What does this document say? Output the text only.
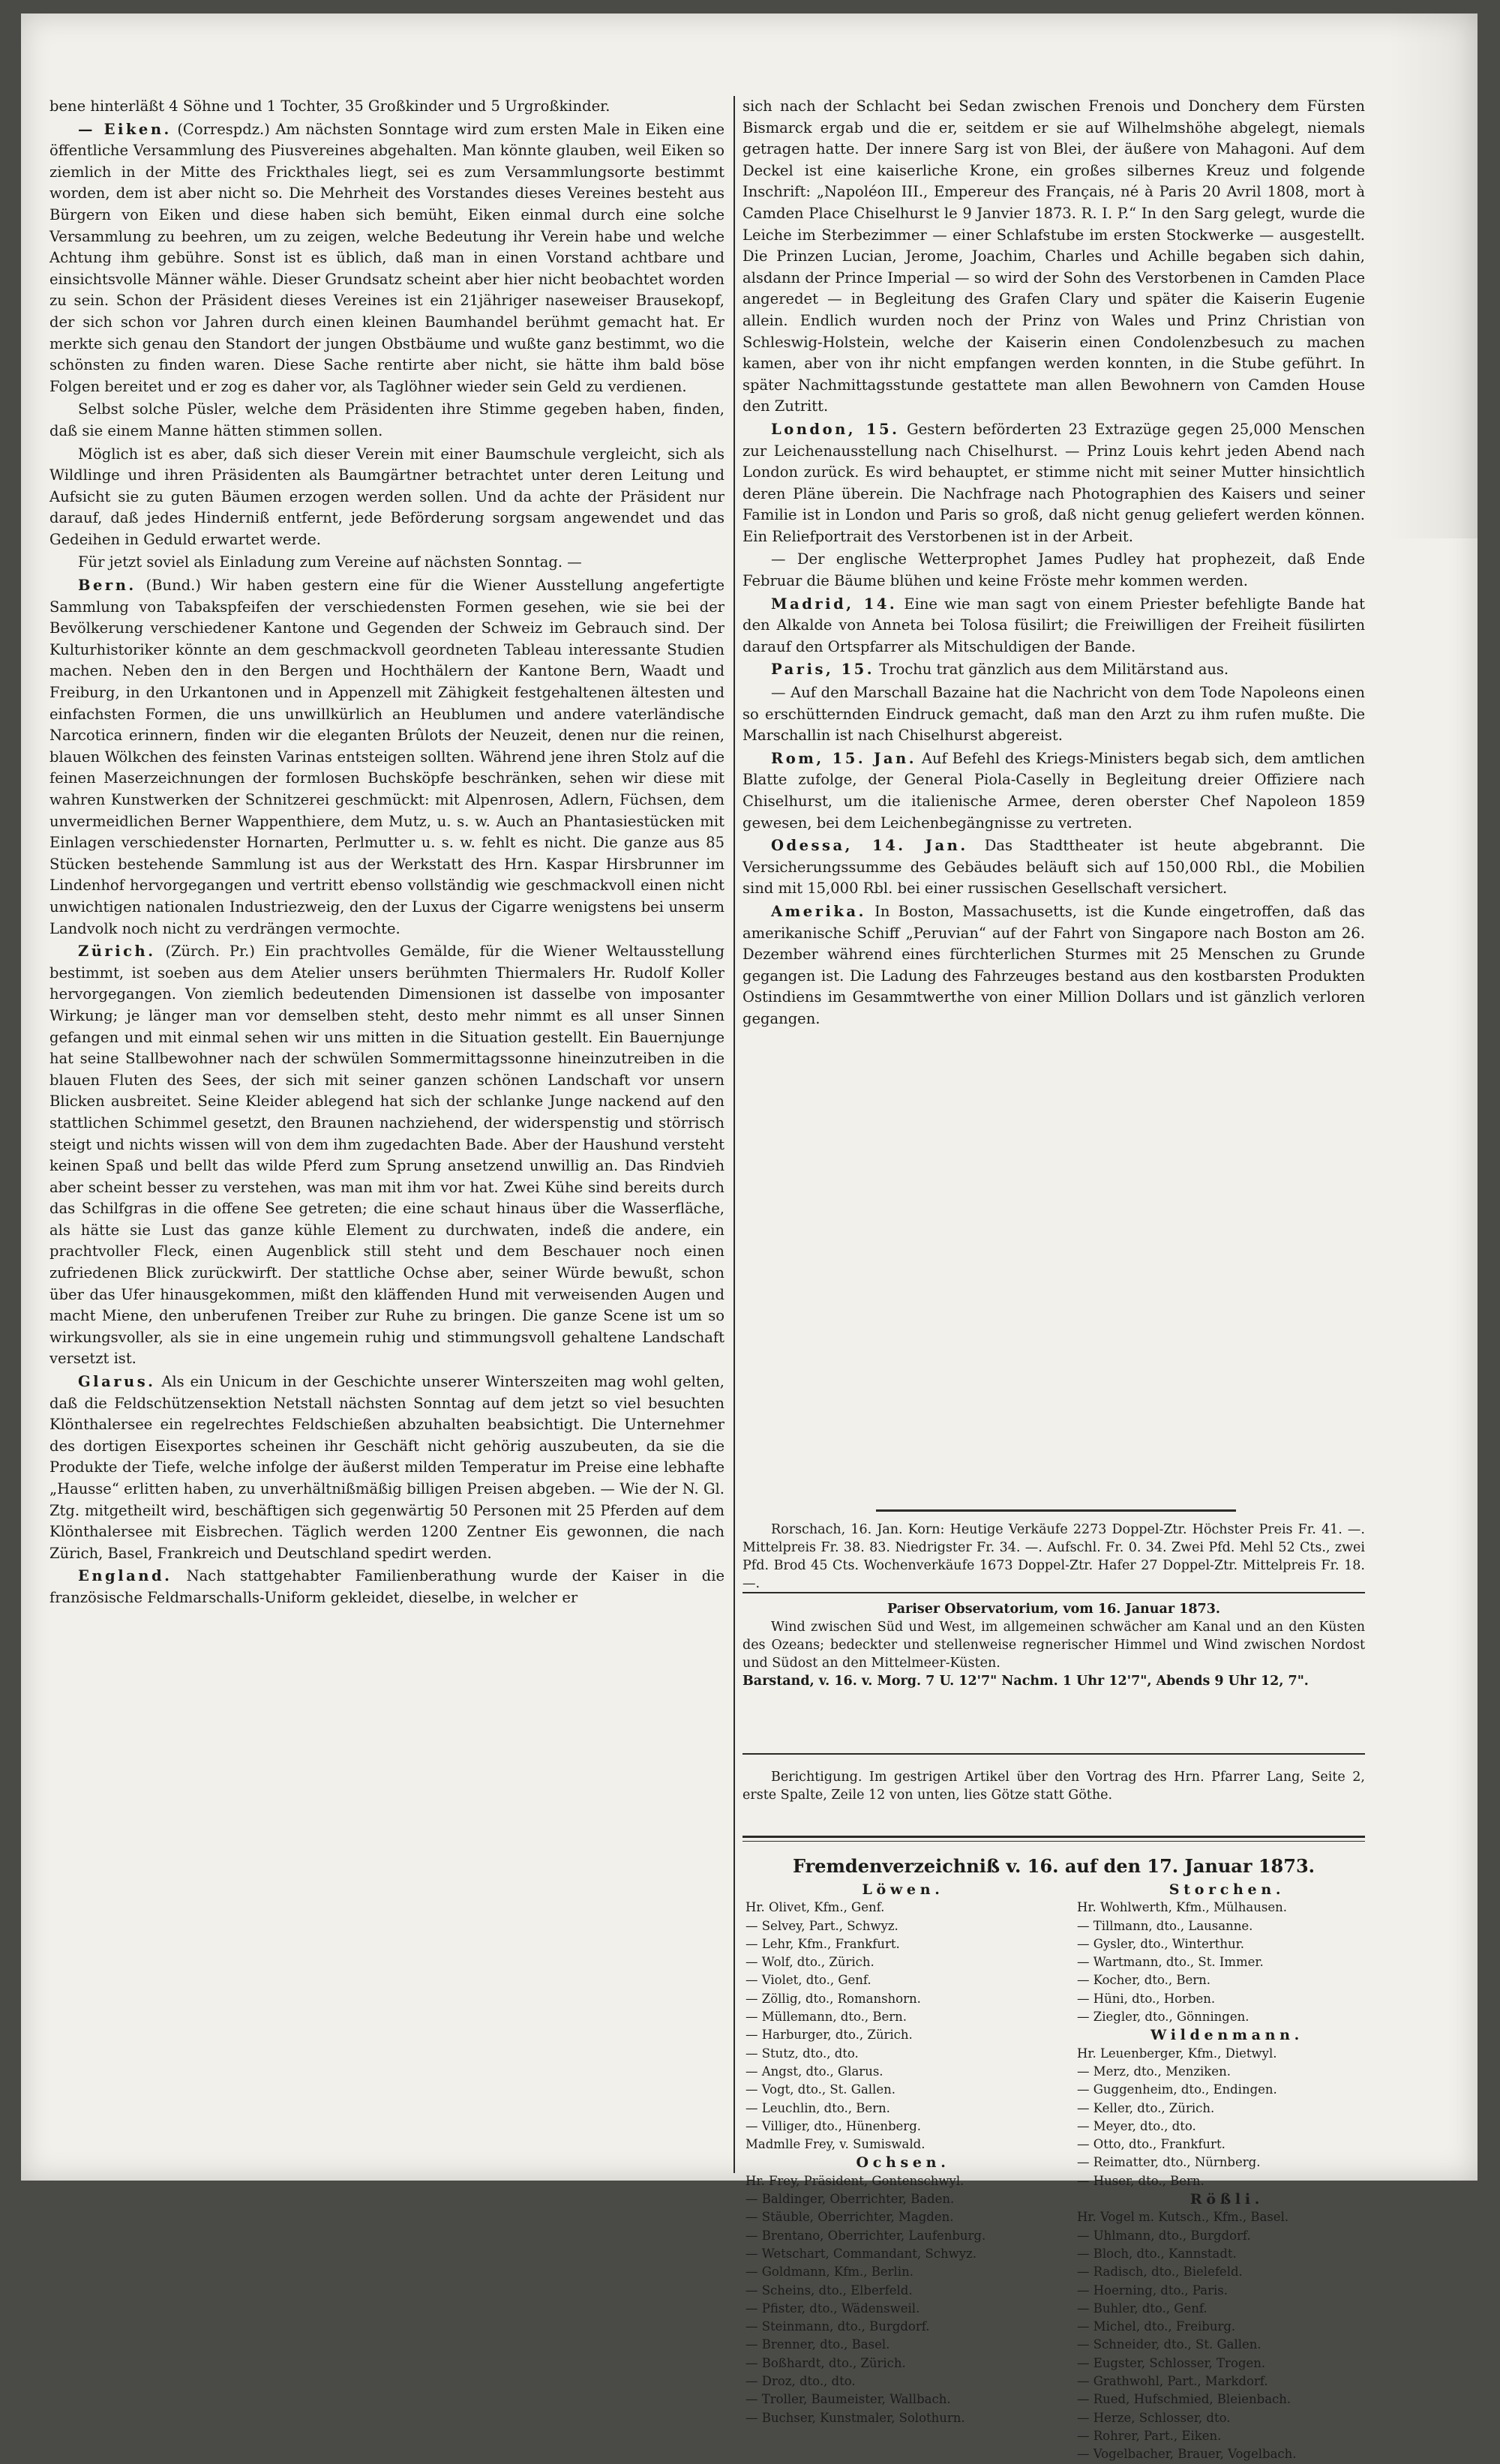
bene hinterläßt 4 Söhne und 1 Tochter, 35 Großkinder und 5 Urgroßkinder.

— Eiken. (Correspdz.) Am nächsten Sonntage wird zum ersten Male in Eiken eine öffentliche Versammlung des Piusvereines abgehalten. Man könnte glauben, weil Eiken so ziemlich in der Mitte des Frickthales liegt, sei es zum Versammlungsorte bestimmt worden, dem ist aber nicht so. Die Mehrheit des Vorstandes dieses Vereines besteht aus Bürgern von Eiken und diese haben sich bemüht, Eiken einmal durch eine solche Versammlung zu beehren, um zu zeigen, welche Bedeutung ihr Verein habe und welche Achtung ihm gebühre. Sonst ist es üblich, daß man in einen Vorstand achtbare und einsichtsvolle Männer wähle. Dieser Grundsatz scheint aber hier nicht beobachtet worden zu sein. Schon der Präsident dieses Vereines ist ein 21jähriger naseweiser Brausekopf, der sich schon vor Jahren durch einen kleinen Baumhandel berühmt gemacht hat. Er merkte sich genau den Standort der jungen Obstbäume und wußte ganz bestimmt, wo die schönsten zu finden waren. Diese Sache rentirte aber nicht, sie hätte ihm bald böse Folgen bereitet und er zog es daher vor, als Taglöhner wieder sein Geld zu verdienen.

Selbst solche Püsler, welche dem Präsidenten ihre Stimme gegeben haben, finden, daß sie einem Manne hätten stimmen sollen.

Möglich ist es aber, daß sich dieser Verein mit einer Baumschule vergleicht, sich als Wildlinge und ihren Präsidenten als Baumgärtner betrachtet unter deren Leitung und Aufsicht sie zu guten Bäumen erzogen werden sollen. Und da achte der Präsident nur darauf, daß jedes Hinderniß entfernt, jede Beförderung sorgsam angewendet und das Gedeihen in Geduld erwartet werde.

Für jetzt soviel als Einladung zum Vereine auf nächsten Sonntag. —

Bern. (Bund.) Wir haben gestern eine für die Wiener Ausstellung angefertigte Sammlung von Tabakspfeifen der verschiedensten Formen gesehen, wie sie bei der Bevölkerung verschiedener Kantone und Gegenden der Schweiz im Gebrauch sind. Der Kulturhistoriker könnte an dem geschmackvoll geordneten Tableau interessante Studien machen. Neben den in den Bergen und Hochthälern der Kantone Bern, Waadt und Freiburg, in den Urkantonen und in Appenzell mit Zähigkeit festgehaltenen ältesten und einfachsten Formen, die uns unwillkürlich an Heublumen und andere vaterländische Narcotica erinnern, finden wir die eleganten Brûlots der Neuzeit, denen nur die reinen, blauen Wölkchen des feinsten Varinas entsteigen sollten. Während jene ihren Stolz auf die feinen Maserzeichnungen der formlosen Buchsköpfe beschränken, sehen wir diese mit wahren Kunstwerken der Schnitzerei geschmückt: mit Alpenrosen, Adlern, Füchsen, dem unvermeidlichen Berner Wappenthiere, dem Mutz, u. s. w. Auch an Phantasiestücken mit Einlagen verschiedenster Hornarten, Perlmutter u. s. w. fehlt es nicht. Die ganze aus 85 Stücken bestehende Sammlung ist aus der Werkstatt des Hrn. Kaspar Hirsbrunner im Lindenhof hervorgegangen und vertritt ebenso vollständig wie geschmackvoll einen nicht unwichtigen nationalen Industriezweig, den der Luxus der Cigarre wenigstens bei unserm Landvolk noch nicht zu verdrängen vermochte.

Zürich. (Zürch. Pr.) Ein prachtvolles Gemälde, für die Wiener Weltausstellung bestimmt, ist soeben aus dem Atelier unsers berühmten Thiermalers Hr. Rudolf Koller hervorgegangen. Von ziemlich bedeutenden Dimensionen ist dasselbe von imposanter Wirkung; je länger man vor demselben steht, desto mehr nimmt es all unser Sinnen gefangen und mit einmal sehen wir uns mitten in die Situation gestellt. Ein Bauernjunge hat seine Stallbewohner nach der schwülen Sommermittagssonne hineinzutreiben in die blauen Fluten des Sees, der sich mit seiner ganzen schönen Landschaft vor unsern Blicken ausbreitet. Seine Kleider ablegend hat sich der schlanke Junge nackend auf den stattlichen Schimmel gesetzt, den Braunen nachziehend, der widerspenstig und störrisch steigt und nichts wissen will von dem ihm zugedachten Bade. Aber der Haushund versteht keinen Spaß und bellt das wilde Pferd zum Sprung ansetzend unwillig an. Das Rindvieh aber scheint besser zu verstehen, was man mit ihm vor hat. Zwei Kühe sind bereits durch das Schilfgras in die offene See getreten; die eine schaut hinaus über die Wasserfläche, als hätte sie Lust das ganze kühle Element zu durchwaten, indeß die andere, ein prachtvoller Fleck, einen Augenblick still steht und dem Beschauer noch einen zufriedenen Blick zurückwirft. Der stattliche Ochse aber, seiner Würde bewußt, schon über das Ufer hinausgekommen, mißt den kläffenden Hund mit verweisenden Augen und macht Miene, den unberufenen Treiber zur Ruhe zu bringen. Die ganze Scene ist um so wirkungsvoller, als sie in eine ungemein ruhig und stimmungsvoll gehaltene Landschaft versetzt ist.

Glarus. Als ein Unicum in der Geschichte unserer Winterszeiten mag wohl gelten, daß die Feldschützensektion Netstall nächsten Sonntag auf dem jetzt so viel besuchten Klönthalersee ein regelrechtes Feldschießen abzuhalten beabsichtigt. Die Unternehmer des dortigen Eisexportes scheinen ihr Geschäft nicht gehörig auszubeuten, da sie die Produkte der Tiefe, welche infolge der äußerst milden Temperatur im Preise eine lebhafte „Hausse“ erlitten haben, zu unverhältnißmäßig billigen Preisen abgeben. — Wie der N. Gl. Ztg. mitgetheilt wird, beschäftigen sich gegenwärtig 50 Personen mit 25 Pferden auf dem Klönthalersee mit Eisbrechen. Täglich werden 1200 Zentner Eis gewonnen, die nach Zürich, Basel, Frankreich und Deutschland spedirt werden.

England. Nach stattgehabter Familienberathung wurde der Kaiser in die französische Feldmarschalls-Uniform gekleidet, dieselbe, in welcher er

sich nach der Schlacht bei Sedan zwischen Frenois und Donchery dem Fürsten Bismarck ergab und die er, seitdem er sie auf Wilhelmshöhe abgelegt, niemals getragen hatte. Der innere Sarg ist von Blei, der äußere von Mahagoni. Auf dem Deckel ist eine kaiserliche Krone, ein großes silbernes Kreuz und folgende Inschrift: „Napoléon III., Empereur des Français, né à Paris 20 Avril 1808, mort à Camden Place Chiselhurst le 9 Janvier 1873. R. I. P.“ In den Sarg gelegt, wurde die Leiche im Sterbezimmer — einer Schlafstube im ersten Stockwerke — ausgestellt. Die Prinzen Lucian, Jerome, Joachim, Charles und Achille begaben sich dahin, alsdann der Prince Imperial — so wird der Sohn des Verstorbenen in Camden Place angeredet — in Begleitung des Grafen Clary und später die Kaiserin Eugenie allein. Endlich wurden noch der Prinz von Wales und Prinz Christian von Schleswig-Holstein, welche der Kaiserin einen Condolenzbesuch zu machen kamen, aber von ihr nicht empfangen werden konnten, in die Stube geführt. In später Nachmittagsstunde gestattete man allen Bewohnern von Camden House den Zutritt.

London, 15. Gestern beförderten 23 Extrazüge gegen 25,000 Menschen zur Leichenausstellung nach Chiselhurst. — Prinz Louis kehrt jeden Abend nach London zurück. Es wird behauptet, er stimme nicht mit seiner Mutter hinsichtlich deren Pläne überein. Die Nachfrage nach Photographien des Kaisers und seiner Familie ist in London und Paris so groß, daß nicht genug geliefert werden können. Ein Reliefportrait des Verstorbenen ist in der Arbeit.

— Der englische Wetterprophet James Pudley hat prophezeit, daß Ende Februar die Bäume blühen und keine Fröste mehr kommen werden.

Madrid, 14. Eine wie man sagt von einem Priester befehligte Bande hat den Alkalde von Anneta bei Tolosa füsilirt; die Freiwilligen der Freiheit füsilirten darauf den Ortspfarrer als Mitschuldigen der Bande.

Paris, 15. Trochu trat gänzlich aus dem Militärstand aus.

— Auf den Marschall Bazaine hat die Nachricht von dem Tode Napoleons einen so erschütternden Eindruck gemacht, daß man den Arzt zu ihm rufen mußte. Die Marschallin ist nach Chiselhurst abgereist.

Rom, 15. Jan. Auf Befehl des Kriegs-Ministers begab sich, dem amtlichen Blatte zufolge, der General Piola-Caselly in Begleitung dreier Offiziere nach Chiselhurst, um die italienische Armee, deren oberster Chef Napoleon 1859 gewesen, bei dem Leichenbegängnisse zu vertreten.

Odessa, 14. Jan. Das Stadttheater ist heute abgebrannt. Die Versicherungssumme des Gebäudes beläuft sich auf 150,000 Rbl., die Mobilien sind mit 15,000 Rbl. bei einer russischen Gesellschaft versichert.

Amerika. In Boston, Massachusetts, ist die Kunde eingetroffen, daß das amerikanische Schiff „Peruvian“ auf der Fahrt von Singapore nach Boston am 26. Dezember während eines fürchterlichen Sturmes mit 25 Menschen zu Grunde gegangen ist. Die Ladung des Fahrzeuges bestand aus den kostbarsten Produkten Ostindiens im Gesammtwerthe von einer Million Dollars und ist gänzlich verloren gegangen.

Rorschach, 16. Jan. Korn: Heutige Verkäufe 2273 Doppel-Ztr. Höchster Preis Fr. 41. —. Mittelpreis Fr. 38. 83. Niedrigster Fr. 34. —. Aufschl. Fr. 0. 34. Zwei Pfd. Mehl 52 Cts., zwei Pfd. Brod 45 Cts. Wochenverkäufe 1673 Doppel-Ztr. Hafer 27 Doppel-Ztr. Mittelpreis Fr. 18. —.

Pariser Observatorium, vom 16. Januar 1873.

Wind zwischen Süd und West, im allgemeinen schwächer am Kanal und an den Küsten des Ozeans; bedeckter und stellenweise regnerischer Himmel und Wind zwischen Nordost und Südost an den Mittelmeer-Küsten.

Barstand, v. 16. v. Morg. 7 U. 12'7" Nachm. 1 Uhr 12'7", Abends 9 Uhr 12, 7".

Berichtigung. Im gestrigen Artikel über den Vortrag des Hrn. Pfarrer Lang, Seite 2, erste Spalte, Zeile 12 von unten, lies Götze statt Göthe.

Fremdenverzeichniß v. 16. auf den 17. Januar 1873.
Löwen.
Hr. Olivet, Kfm., Genf.
— Selvey, Part., Schwyz.
— Lehr, Kfm., Frankfurt.
— Wolf, dto., Zürich.
— Violet, dto., Genf.
— Zöllig, dto., Romanshorn.
— Müllemann, dto., Bern.
— Harburger, dto., Zürich.
— Stutz, dto., dto.
— Angst, dto., Glarus.
— Vogt, dto., St. Gallen.
— Leuchlin, dto., Bern.
— Villiger, dto., Hünenberg.
Madmlle Frey, v. Sumiswald.
Ochsen.
Hr. Frey, Präsident, Gontenschwyl.
— Baldinger, Oberrichter, Baden.
— Stäuble, Oberrichter, Magden.
— Brentano, Oberrichter, Laufenburg.
— Wetschart, Commandant, Schwyz.
— Goldmann, Kfm., Berlin.
— Scheins, dto., Elberfeld.
— Pfister, dto., Wädensweil.
— Steinmann, dto., Burgdorf.
— Brenner, dto., Basel.
— Boßhardt, dto., Zürich.
— Droz, dto., dto.
— Troller, Baumeister, Wallbach.
— Buchser, Kunstmaler, Solothurn.
Storchen.
Hr. Wohlwerth, Kfm., Mülhausen.
— Tillmann, dto., Lausanne.
— Gysler, dto., Winterthur.
— Wartmann, dto., St. Immer.
— Kocher, dto., Bern.
— Hüni, dto., Horben.
— Ziegler, dto., Gönningen.
Wildenmann.
Hr. Leuenberger, Kfm., Dietwyl.
— Merz, dto., Menziken.
— Guggenheim, dto., Endingen.
— Keller, dto., Zürich.
— Meyer, dto., dto.
— Otto, dto., Frankfurt.
— Reimatter, dto., Nürnberg.
— Huser, dto., Bern.
Rößli.
Hr. Vogel m. Kutsch., Kfm., Basel.
— Uhlmann, dto., Burgdorf.
— Bloch, dto., Kannstadt.
— Radisch, dto., Bielefeld.
— Hoerning, dto., Paris.
— Buhler, dto., Genf.
— Michel, dto., Freiburg.
— Schneider, dto., St. Gallen.
— Eugster, Schlosser, Trogen.
— Grathwohl, Part., Markdorf.
— Rued, Hufschmied, Bleienbach.
— Herze, Schlosser, dto.
— Rohrer, Part., Eiken.
— Vogelbacher, Brauer, Vogelbach.
